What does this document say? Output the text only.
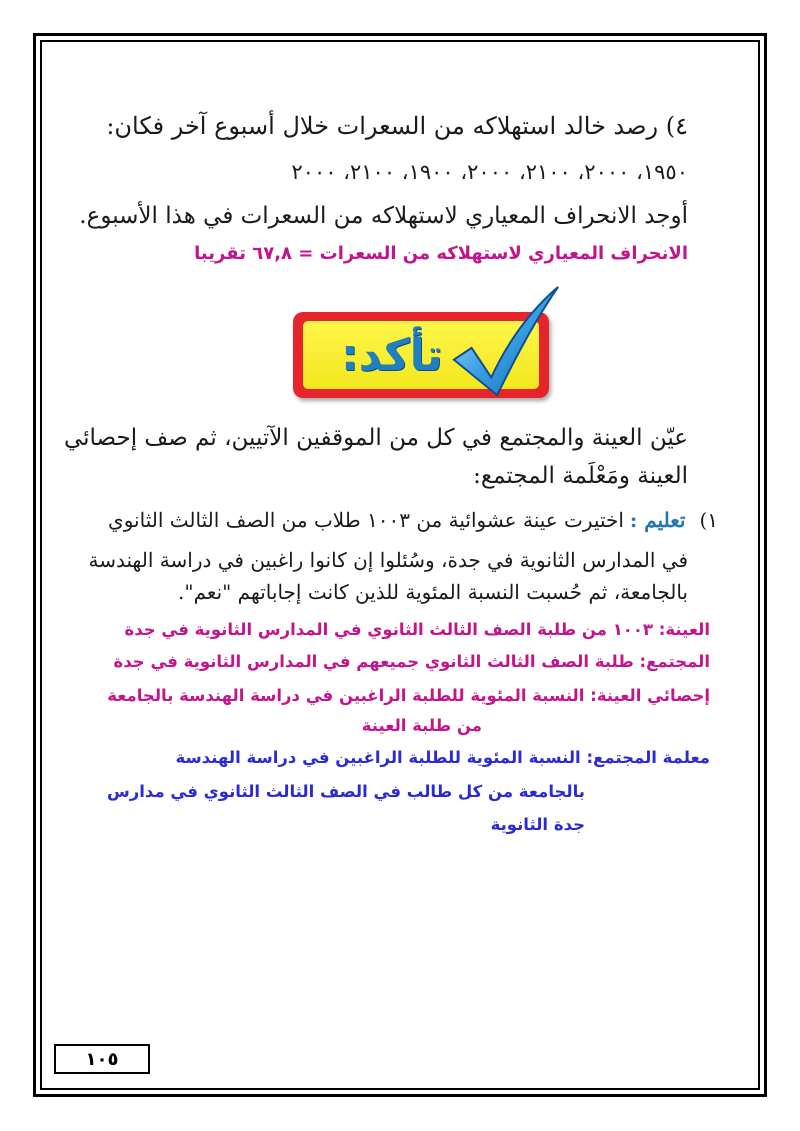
٤) رصد خالد استهلاكه من السعرات خلال أسبوع آخر فكان:
١٩٥٠، ٢٠٠٠، ٢١٠٠، ٢٠٠٠، ١٩٠٠، ٢١٠٠، ٢٠٠٠
أوجد الانحراف المعياري لاستهلاكه من السعرات في هذا الأسبوع.
الانحراف المعياري لاستهلاكه من السعرات = ٦٧,٨ تقريبا
تأكد:
عيّن العينة والمجتمع في كل من الموقفين الآتيين، ثم صف إحصائي
العينة ومَعْلَمة المجتمع:
١)تعليم :اختيرت عينة عشوائية من ١٠٠٣ طلاب من الصف الثالث الثانوي
في المدارس الثانوية في جدة، وسُئلوا إن كانوا راغبين في دراسة الهندسة
بالجامعة، ثم حُسبت النسبة المئوية للذين كانت إجاباتهم "نعم".
العينة: ١٠٠٣ من طلبة الصف الثالث الثانوي في المدارس الثانوية في جدة
المجتمع: طلبة الصف الثالث الثانوي جميعهم في المدارس الثانوية في جدة
إحصائي العينة: النسبة المئوية للطلبة الراغبين في دراسة الهندسة بالجامعة
من طلبة العينة
معلمة المجتمع: النسبة المئوية للطلبة الراغبين في دراسة الهندسة
بالجامعة من كل طالب في الصف الثالث الثانوي في مدارس
جدة الثانوية
١٠٥
